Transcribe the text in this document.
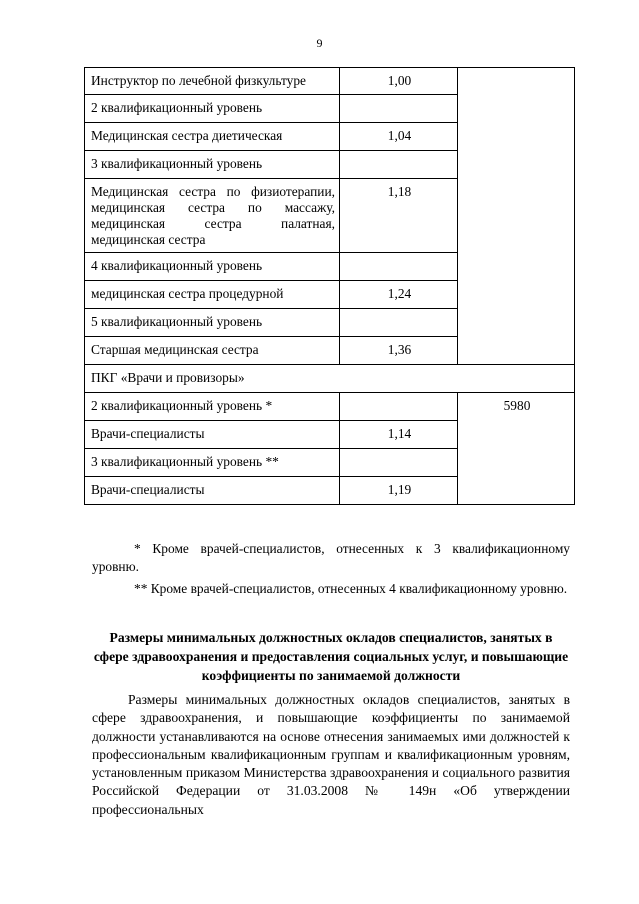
9
Инструктор по лечебной физкультуре	1,00	
2 квалификационный уровень		
Медицинская сестра диетическая	1,04	
3 квалификационный уровень		
Медицинская сестра по физиотерапии, медицинская сестра по массажу, медицинская сестра палатная, медицинская сестра	1,18	
4 квалификационный уровень		
медицинская сестра процедурной	1,24	
5 квалификационный уровень		
Старшая медицинская сестра	1,36	
ПКГ «Врачи и провизоры»		
2 квалификационный уровень *		5980
Врачи-специалисты	1,14	
3 квалификационный уровень **		
Врачи-специалисты	1,19	

* Кроме врачей-специалистов, отнесенных к 3 квалификационному уровню.

** Кроме врачей-специалистов, отнесенных 4 квалификационному уровню.

Размеры минимальных должностных окладов специалистов, занятых в сфере здравоохранения и предоставления социальных услуг, и повышающие коэффициенты по занимаемой должности

Размеры минимальных должностных окладов специалистов, занятых в сфере здравоохранения, и повышающие коэффициенты по занимаемой должности устанавливаются на основе отнесения занимаемых ими должностей к профессиональным квалификационным группам и квалификационным уровням, установленным приказом Министерства здравоохранения и социального развития Российской Федерации от 31.03.2008 № 149н «Об утверждении профессиональных
